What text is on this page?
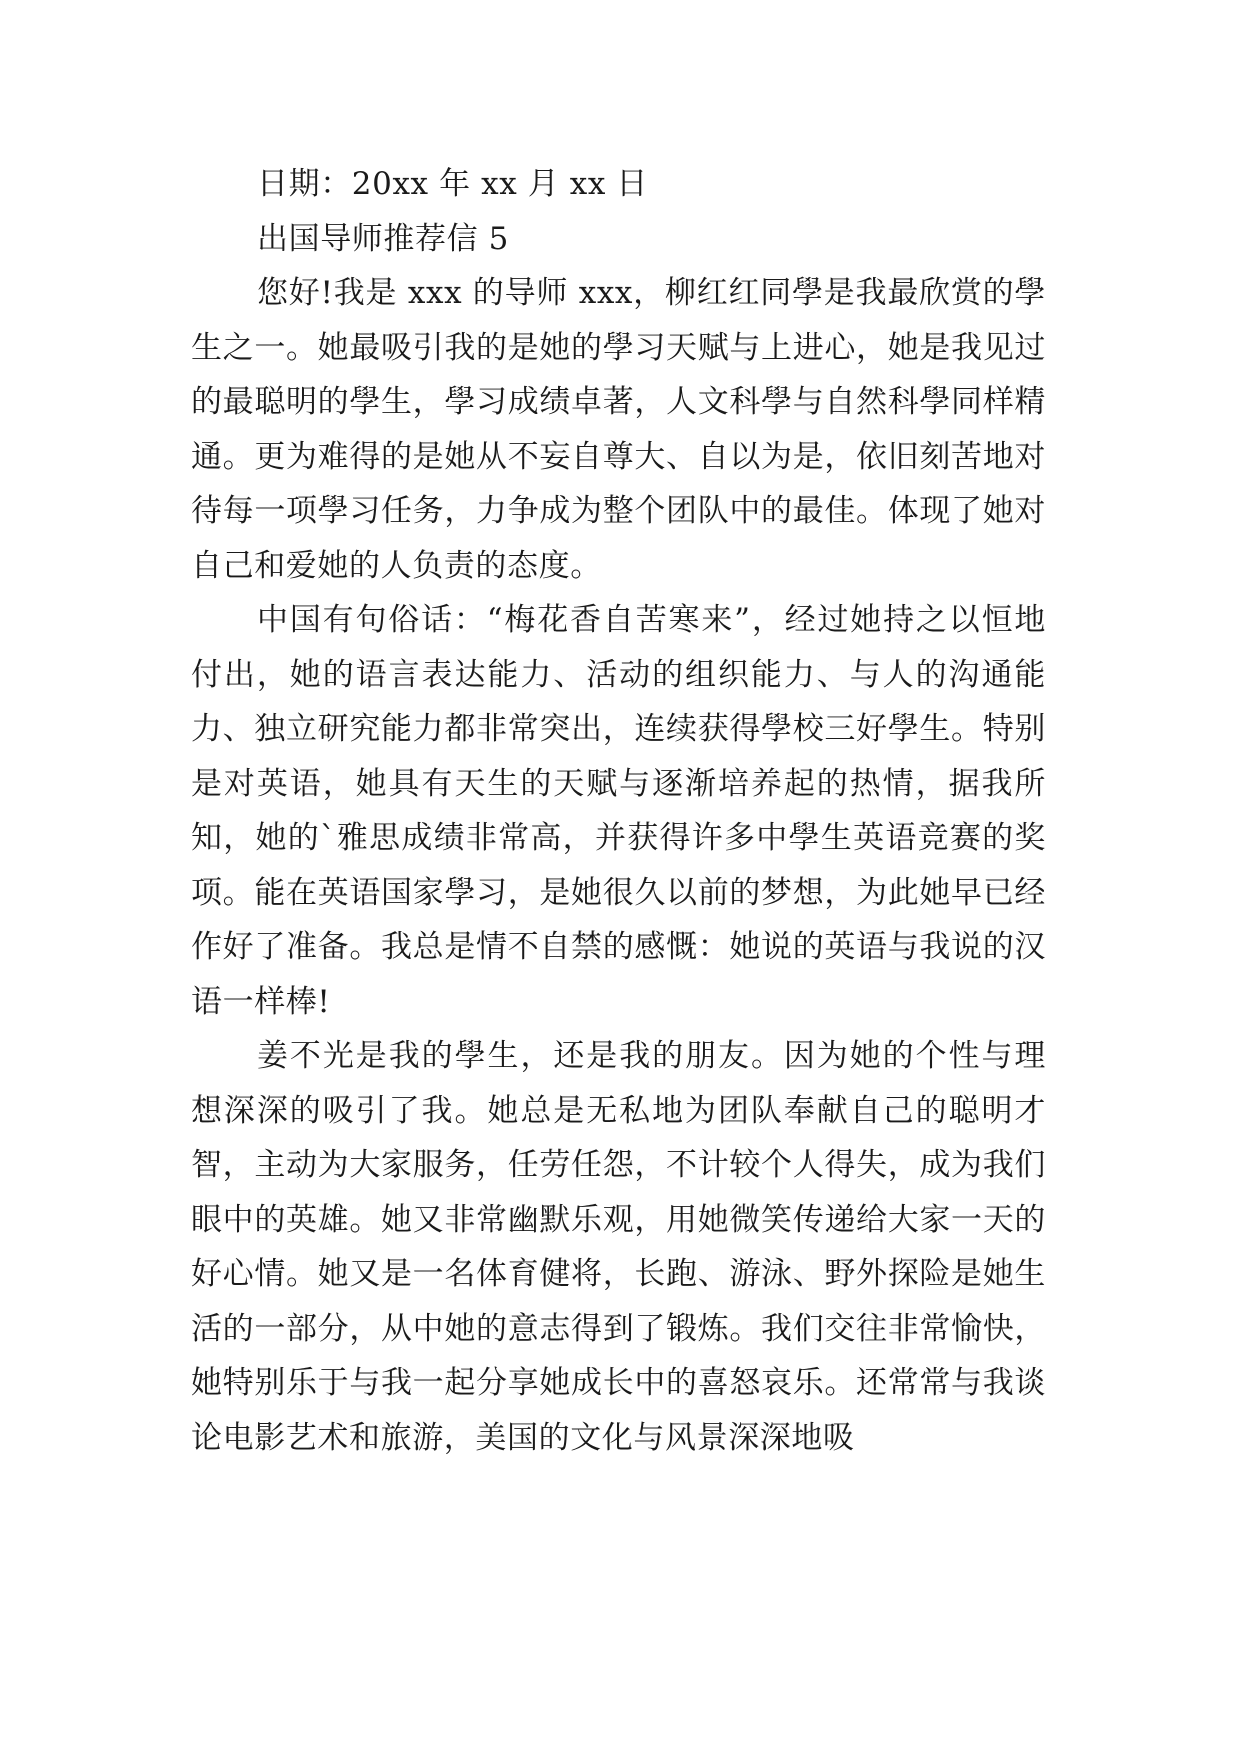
日期：20xx 年 xx 月 xx 日

出国导师推荐信 5

您好!我是 xxx 的导师 xxx，柳红红同學是我最欣赏的學生之一。她最吸引我的是她的學习天赋与上进心，她是我见过的最聪明的學生，學习成绩卓著，人文科學与自然科學同样精通。更为难得的是她从不妄自尊大、自以为是，依旧刻苦地对待每一项學习任务，力争成为整个团队中的最佳。体现了她对自己和爱她的人负责的态度。

中国有句俗话：“梅花香自苦寒来”，经过她持之以恒地付出，她的语言表达能力、活动的组织能力、与人的沟通能力、独立研究能力都非常突出，连续获得學校三好學生。特别是对英语，她具有天生的天赋与逐渐培养起的热情，据我所知，她的`雅思成绩非常高，并获得许多中學生英语竞赛的奖项。能在英语国家學习，是她很久以前的梦想，为此她早已经作好了准备。我总是情不自禁的感慨：她说的英语与我说的汉语一样棒!

姜不光是我的學生，还是我的朋友。因为她的个性与理想深深的吸引了我。她总是无私地为团队奉献自己的聪明才智，主动为大家服务，任劳任怨，不计较个人得失，成为我们眼中的英雄。她又非常幽默乐观，用她微笑传递给大家一天的好心情。她又是一名体育健将，长跑、游泳、野外探险是她生活的一部分，从中她的意志得到了锻炼。我们交往非常愉快，她特别乐于与我一起分享她成长中的喜怒哀乐。还常常与我谈论电影艺术和旅游，美国的文化与风景深深地吸
